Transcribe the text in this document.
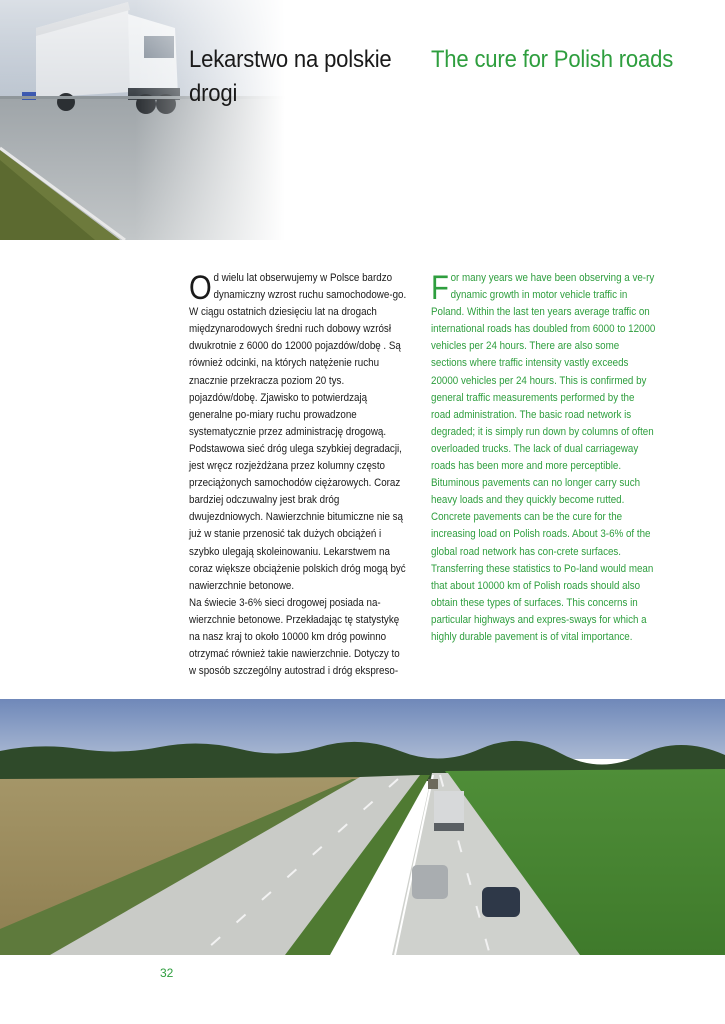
Lekarstwo na polskie drogi
The cure for Polish roads

Od wielu lat obserwujemy w Polsce bardzo dynamiczny wzrost ruchu samochodowe-go. W ciągu ostatnich dziesięciu lat na drogach międzynarodowych średni ruch dobowy wzrósł dwukrotnie z 6000 do 12000 pojazdów/dobę . Są również odcinki, na których natężenie ruchu znacznie przekracza poziom 20 tys. pojazdów/dobę. Zjawisko to potwierdzają generalne po-miary ruchu prowadzone systematycznie przez administrację drogową. Podstawowa sieć dróg ulega szybkiej degradacji, jest wręcz rozjeżdżana przez kolumny często przeciążonych samochodów ciężarowych. Coraz bardziej odczuwalny jest brak dróg dwujezdniowych. Nawierzchnie bitumiczne nie są już w stanie przenosić tak dużych obciążeń i szybko ulegają skoleinowaniu. Lekarstwem na coraz większe obciążenie polskich dróg mogą być nawierzchnie betonowe.

Na świecie 3-6% sieci drogowej posiada na-wierzchnie betonowe. Przekładając tę statystykę na nasz kraj to około 10000 km dróg powinno otrzymać również takie nawierzchnie. Dotyczy to w sposób szczególny autostrad i dróg ekspreso-

For many years we have been observing a ve-ry dynamic growth in motor vehicle traffic in Poland. Within the last ten years average traffic on international roads has doubled from 6000 to 12000 vehicles per 24 hours. There are also some sections where traffic intensity vastly exceeds 20000 vehicles per 24 hours. This is confirmed by general traffic measurements performed by the road administration. The basic road network is degraded; it is simply run down by columns of often overloaded trucks. The lack of dual carriageway roads has been more and more perceptible. Bituminous pavements can no longer carry such heavy loads and they quickly become rutted. Concrete pavements can be the cure for the increasing load on Polish roads. About 3-6% of the global road network has con-crete surfaces. Transferring these statistics to Po-land would mean that about 10000 km of Polish roads should also obtain these types of surfaces. This concerns in particular highways and expres-sways for which a highly durable pavement is of vital importance.

32
